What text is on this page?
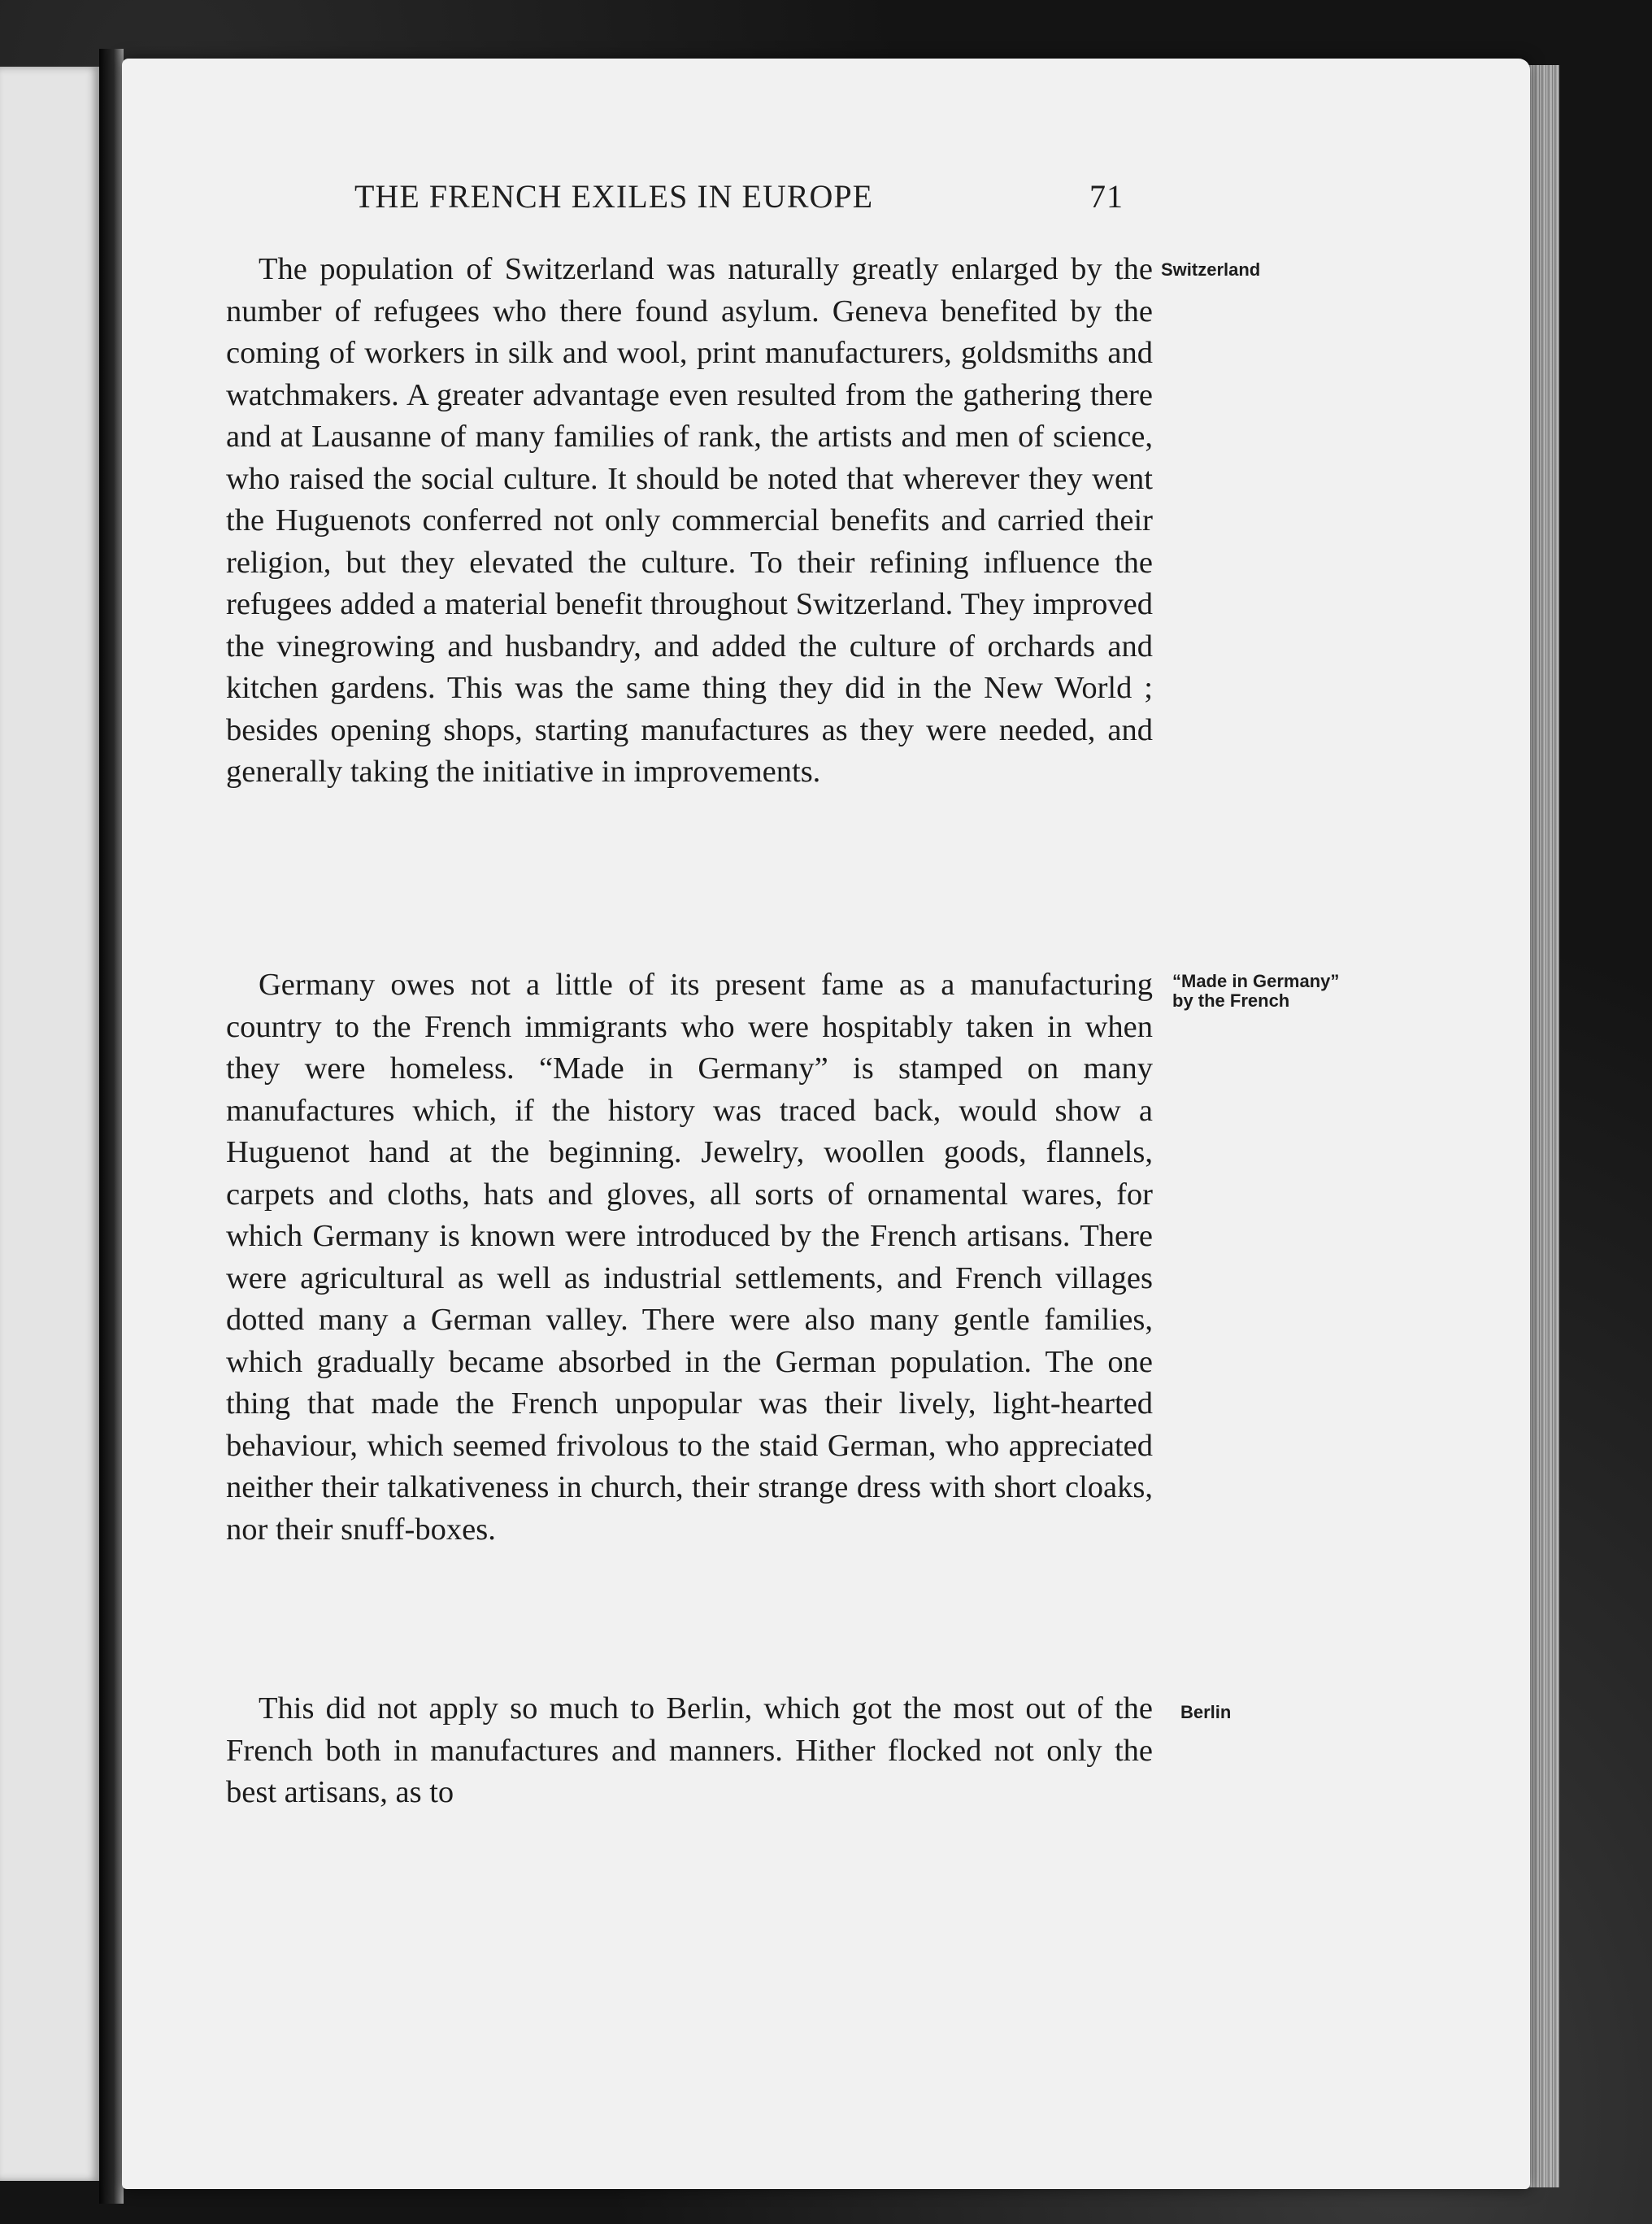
THE FRENCH EXILES IN EUROPE	71

The population of Switzerland was naturally greatly enlarged by the number of refugees who there found asylum. Geneva benefited by the coming of workers in silk and wool, print manufacturers, goldsmiths and watchmakers. A greater advantage even resulted from the gathering there and at Lausanne of many families of rank, the artists and men of science, who raised the social culture. It should be noted that wherever they went the Huguenots conferred not only commercial benefits and carried their religion, but they elevated the culture. To their refining influence the refugees added a material benefit throughout Switzerland. They improved the vinegrowing and husbandry, and added the culture of orchards and kitchen gardens. This was the same thing they did in the New World ; besides opening shops, starting manufactures as they were needed, and generally taking the initiative in improvements.

Germany owes not a little of its present fame as a manufacturing country to the French immigrants who were hospitably taken in when they were homeless. “Made in Germany” is stamped on many manufactures which, if the history was traced back, would show a Huguenot hand at the beginning. Jewelry, woollen goods, flannels, carpets and cloths, hats and gloves, all sorts of ornamental wares, for which Germany is known were introduced by the French artisans. There were agricultural as well as industrial settlements, and French villages dotted many a German valley. There were also many gentle families, which gradually became absorbed in the German population. The one thing that made the French unpopular was their lively, light-hearted behaviour, which seemed frivolous to the staid German, who appreciated neither their talkativeness in church, their strange dress with short cloaks, nor their snuff-boxes.

This did not apply so much to Berlin, which got the most out of the French both in manufactures and manners. Hither flocked not only the best artisans, as to

Switzerland
“Made in Germany” by the French
Berlin
